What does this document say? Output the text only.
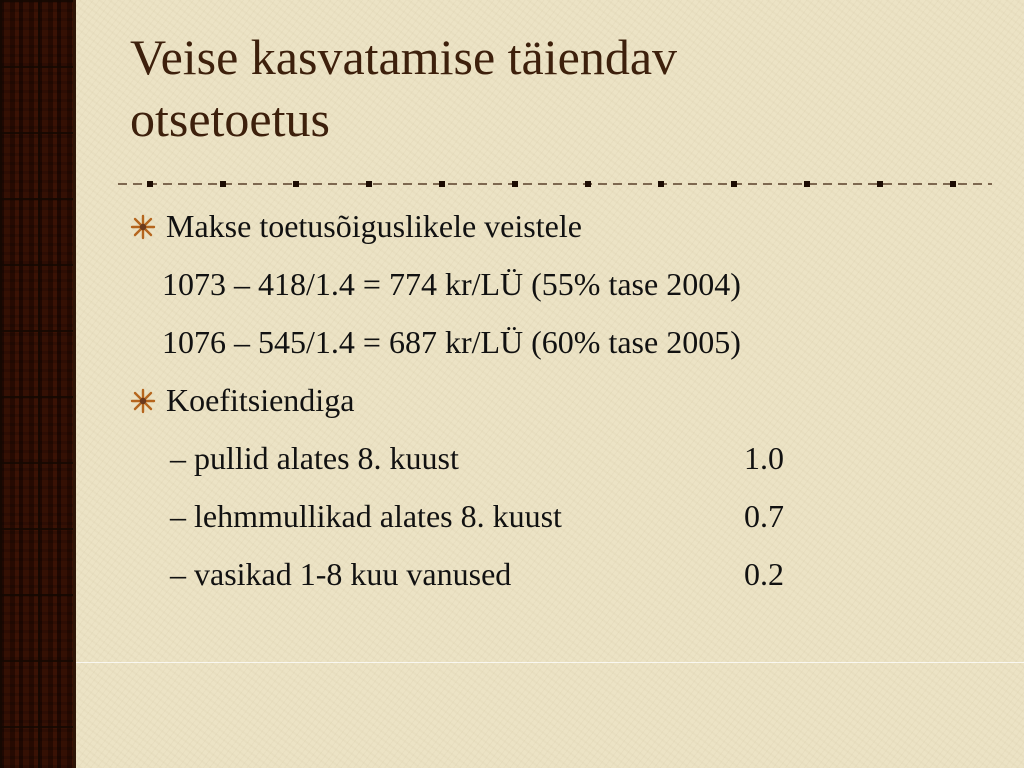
Veise kasvatamise täiendav
otsetoetus
Makse toetusõiguslikele veistele
1073 – 418/1.4 = 774 kr/LÜ (55% tase 2004)
1076 – 545/1.4 = 687 kr/LÜ (60% tase 2005)
Koefitsiendiga
– pullid alates 8. kuust	1.0
– lehmmullikad alates 8. kuust	0.7
– vasikad 1-8 kuu vanused	0.2
